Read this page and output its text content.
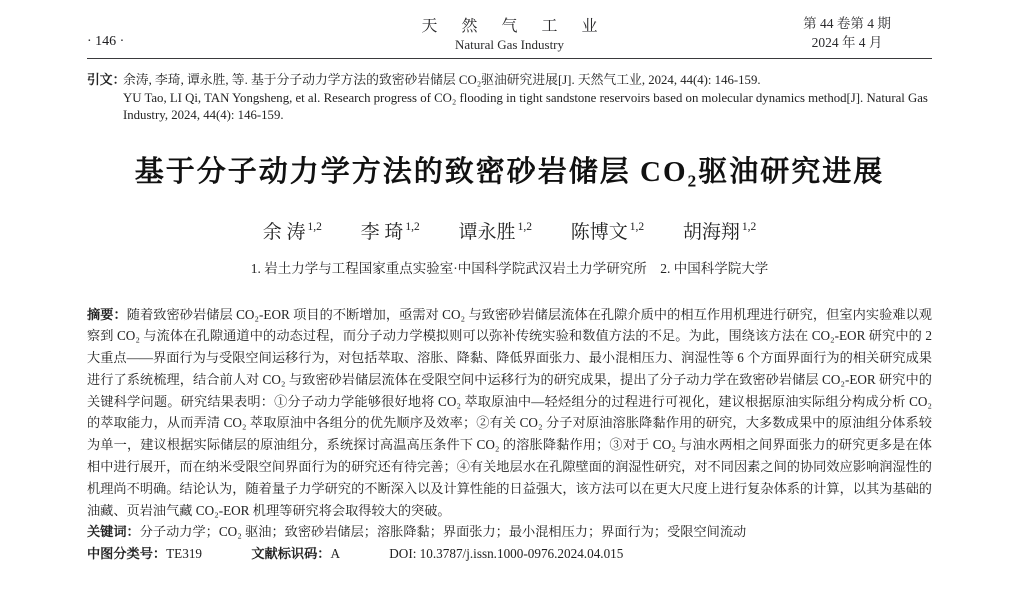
· 146 ·
天 然 气 工 业
Natural Gas Industry
第 44 卷第 4 期
2024 年 4 月
引文：
余涛, 李琦, 谭永胜, 等. 基于分子动力学方法的致密砂岩储层 CO₂驱油研究进展[J]. 天然气工业, 2024, 44(4): 146-159.
YU Tao, LI Qi, TAN Yongsheng, et al. Research progress of CO₂ flooding in tight sandstone reservoirs based on molecular dynamics method[J]. Natural Gas Industry, 2024, 44(4): 146-159.
基于分子动力学方法的致密砂岩储层 CO₂驱油研究进展
余 涛 $^{1,2}$ 李 琦 $^{1,2}$ 谭永胜 $^{1,2}$ 陈博文 $^{1,2}$ 胡海翔 $^{1,2}$
1. 岩土力学与工程国家重点实验室·中国科学院武汉岩土力学研究所　2. 中国科学院大学

摘要：随着致密砂岩储层 CO₂-EOR 项目的不断增加，亟需对 CO₂ 与致密砂岩储层流体在孔隙介质中的相互作用机理进行研究，但室内实验难以观察到 CO₂ 与流体在孔隙通道中的动态过程，而分子动力学模拟则可以弥补传统实验和数值方法的不足。为此，围绕该方法在 CO₂-EOR 研究中的 2 大重点——界面行为与受限空间运移行为，对包括萃取、溶胀、降黏、降低界面张力、最小混相压力、润湿性等 6 个方面界面行为的相关研究成果进行了系统梳理，结合前人对 CO₂ 与致密砂岩储层流体在受限空间中运移行为的研究成果，提出了分子动力学在致密砂岩储层 CO₂-EOR 研究中的关键科学问题。研究结果表明：①分子动力学能够很好地将 CO₂ 萃取原油中—轻烃组分的过程进行可视化，建议根据原油实际组分构成分析 CO₂ 的萃取能力，从而弄清 CO₂ 萃取原油中各组分的优先顺序及效率；②有关 CO₂ 分子对原油溶胀降黏作用的研究，大多数成果中的原油组分体系较为单一，建议根据实际储层的原油组分，系统探讨高温高压条件下 CO₂ 的溶胀降黏作用；③对于 CO₂ 与油水两相之间界面张力的研究更多是在体相中进行展开，而在纳米受限空间界面行为的研究还有待完善；④有关地层水在孔隙壁面的润湿性研究，对不同因素之间的协同效应影响润湿性的机理尚不明确。结论认为，随着量子力学研究的不断深入以及计算性能的日益强大，该方法可以在更大尺度上进行复杂体系的计算，以其为基础的油藏、页岩油气藏 CO₂-EOR 机理等研究将会取得较大的突破。

关键词：分子动力学；CO₂ 驱油；致密砂岩储层；溶胀降黏；界面张力；最小混相压力；界面行为；受限空间流动

中图分类号：TE319	文献标识码：A	DOI: 10.3787/j.issn.1000-0976.2024.04.015
